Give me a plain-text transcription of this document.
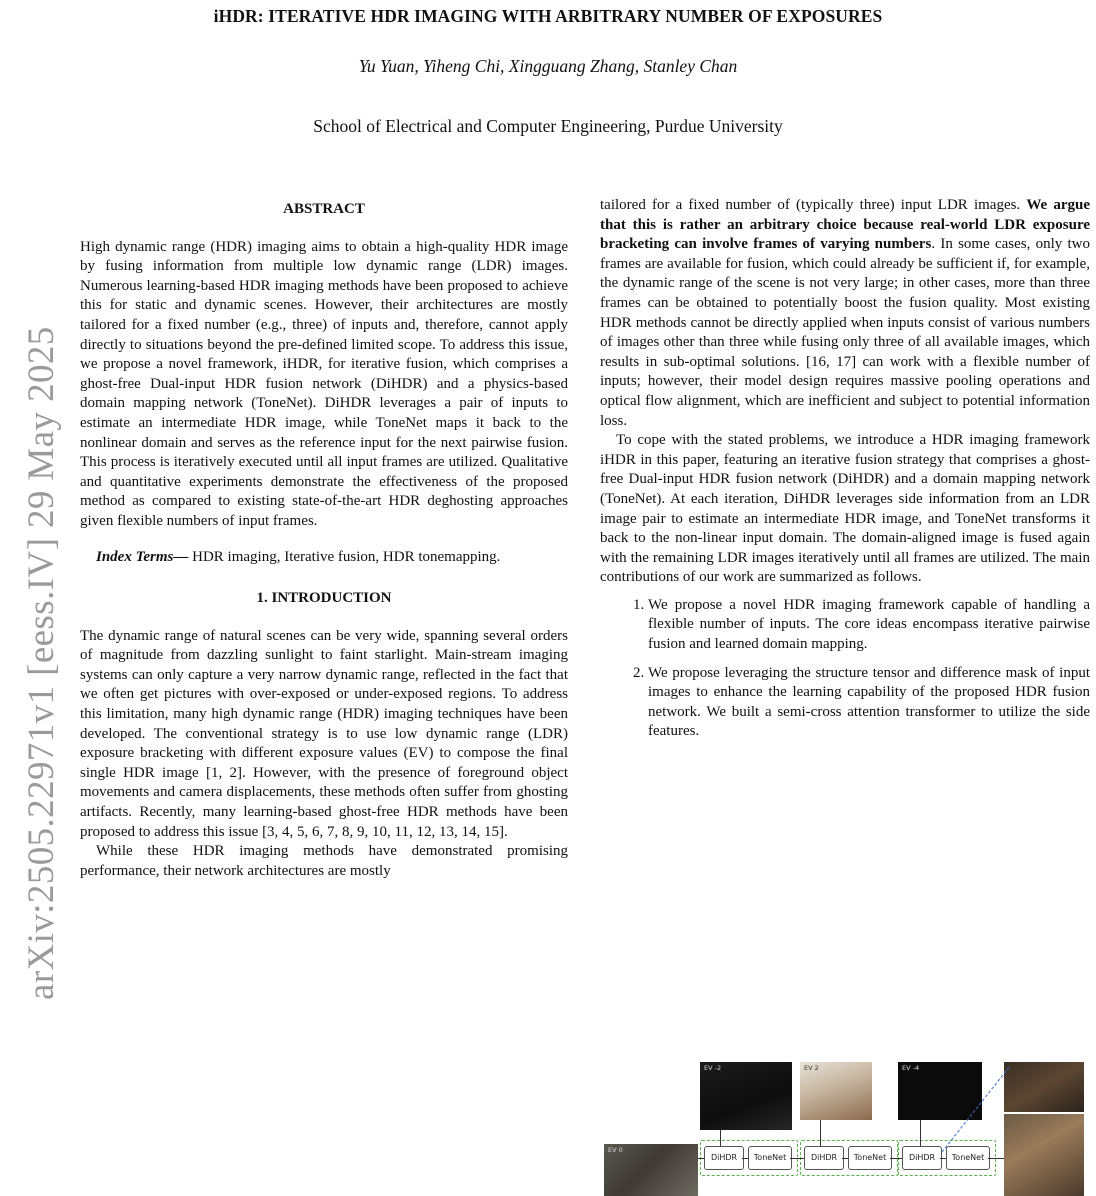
iHDR: ITERATIVE HDR IMAGING WITH ARBITRARY NUMBER OF EXPOSURES
Yu Yuan, Yiheng Chi, Xingguang Zhang, Stanley Chan
School of Electrical and Computer Engineering, Purdue University
arXiv:2505.22971v1 [eess.IV] 29 May 2025
ABSTRACT

High dynamic range (HDR) imaging aims to obtain a high-quality HDR image by fusing information from multiple low dynamic range (LDR) images. Numerous learning-based HDR imaging methods have been proposed to achieve this for static and dynamic scenes. However, their architectures are mostly tailored for a fixed number (e.g., three) of inputs and, therefore, cannot apply directly to situations beyond the pre-defined limited scope. To address this issue, we propose a novel framework, iHDR, for iterative fusion, which comprises a ghost-free Dual-input HDR fusion network (DiHDR) and a physics-based domain mapping network (ToneNet). DiHDR leverages a pair of inputs to estimate an intermediate HDR image, while ToneNet maps it back to the nonlinear domain and serves as the reference input for the next pairwise fusion. This process is iteratively executed until all input frames are utilized. Qualitative and quantitative experiments demonstrate the effectiveness of the proposed method as compared to existing state-of-the-art HDR deghosting approaches given flexible numbers of input frames.

Index Terms— HDR imaging, Iterative fusion, HDR tonemapping.

1. INTRODUCTION

The dynamic range of natural scenes can be very wide, spanning several orders of magnitude from dazzling sunlight to faint starlight. Main-stream imaging systems can only capture a very narrow dynamic range, reflected in the fact that we often get pictures with over-exposed or under-exposed regions. To address this limitation, many high dynamic range (HDR) imaging techniques have been developed. The conventional strategy is to use low dynamic range (LDR) exposure bracketing with different exposure values (EV) to compose the final single HDR image [1, 2]. However, with the presence of foreground object movements and camera displacements, these methods often suffer from ghosting artifacts. Recently, many learning-based ghost-free HDR methods have been proposed to address this issue [3, 4, 5, 6, 7, 8, 9, 10, 11, 12, 13, 14, 15].

While these HDR imaging methods have demonstrated promising performance, their network architectures are mostly

tailored for a fixed number of (typically three) input LDR images. We argue that this is rather an arbitrary choice because real-world LDR exposure bracketing can involve frames of varying numbers. In some cases, only two frames are available for fusion, which could already be sufficient if, for example, the dynamic range of the scene is not very large; in other cases, more than three frames can be obtained to potentially boost the fusion quality. Most existing HDR methods cannot be directly applied when inputs consist of various numbers of images other than three while fusing only three of all available images, which results in sub-optimal solutions. [16, 17] can work with a flexible number of inputs; however, their model design requires massive pooling operations and optical flow alignment, which are inefficient and subject to potential information loss.

To cope with the stated problems, we introduce a HDR imaging framework iHDR in this paper, featuring an iterative fusion strategy that comprises a ghost-free Dual-input HDR fusion network (DiHDR) and a domain mapping network (ToneNet). At each iteration, DiHDR leverages side information from an LDR image pair to estimate an intermediate HDR image, and ToneNet transforms it back to the non-linear input domain. The domain-aligned image is fused again with the remaining LDR images iteratively until all frames are utilized. The main contributions of our work are summarized as follows.

1. We propose a novel HDR imaging framework capable of handling a flexible number of inputs. The core ideas encompass iterative pairwise fusion and learned domain mapping.
2. We propose leveraging the structure tensor and difference mask of input images to enhance the learning capability of the proposed HDR fusion network. We built a semi-cross attention transformer to utilize the side features.
EV 0
EV -2	EV 2	EV -4
DiHDR	ToneNet	DiHDR	ToneNet	DiHDR	ToneNet
